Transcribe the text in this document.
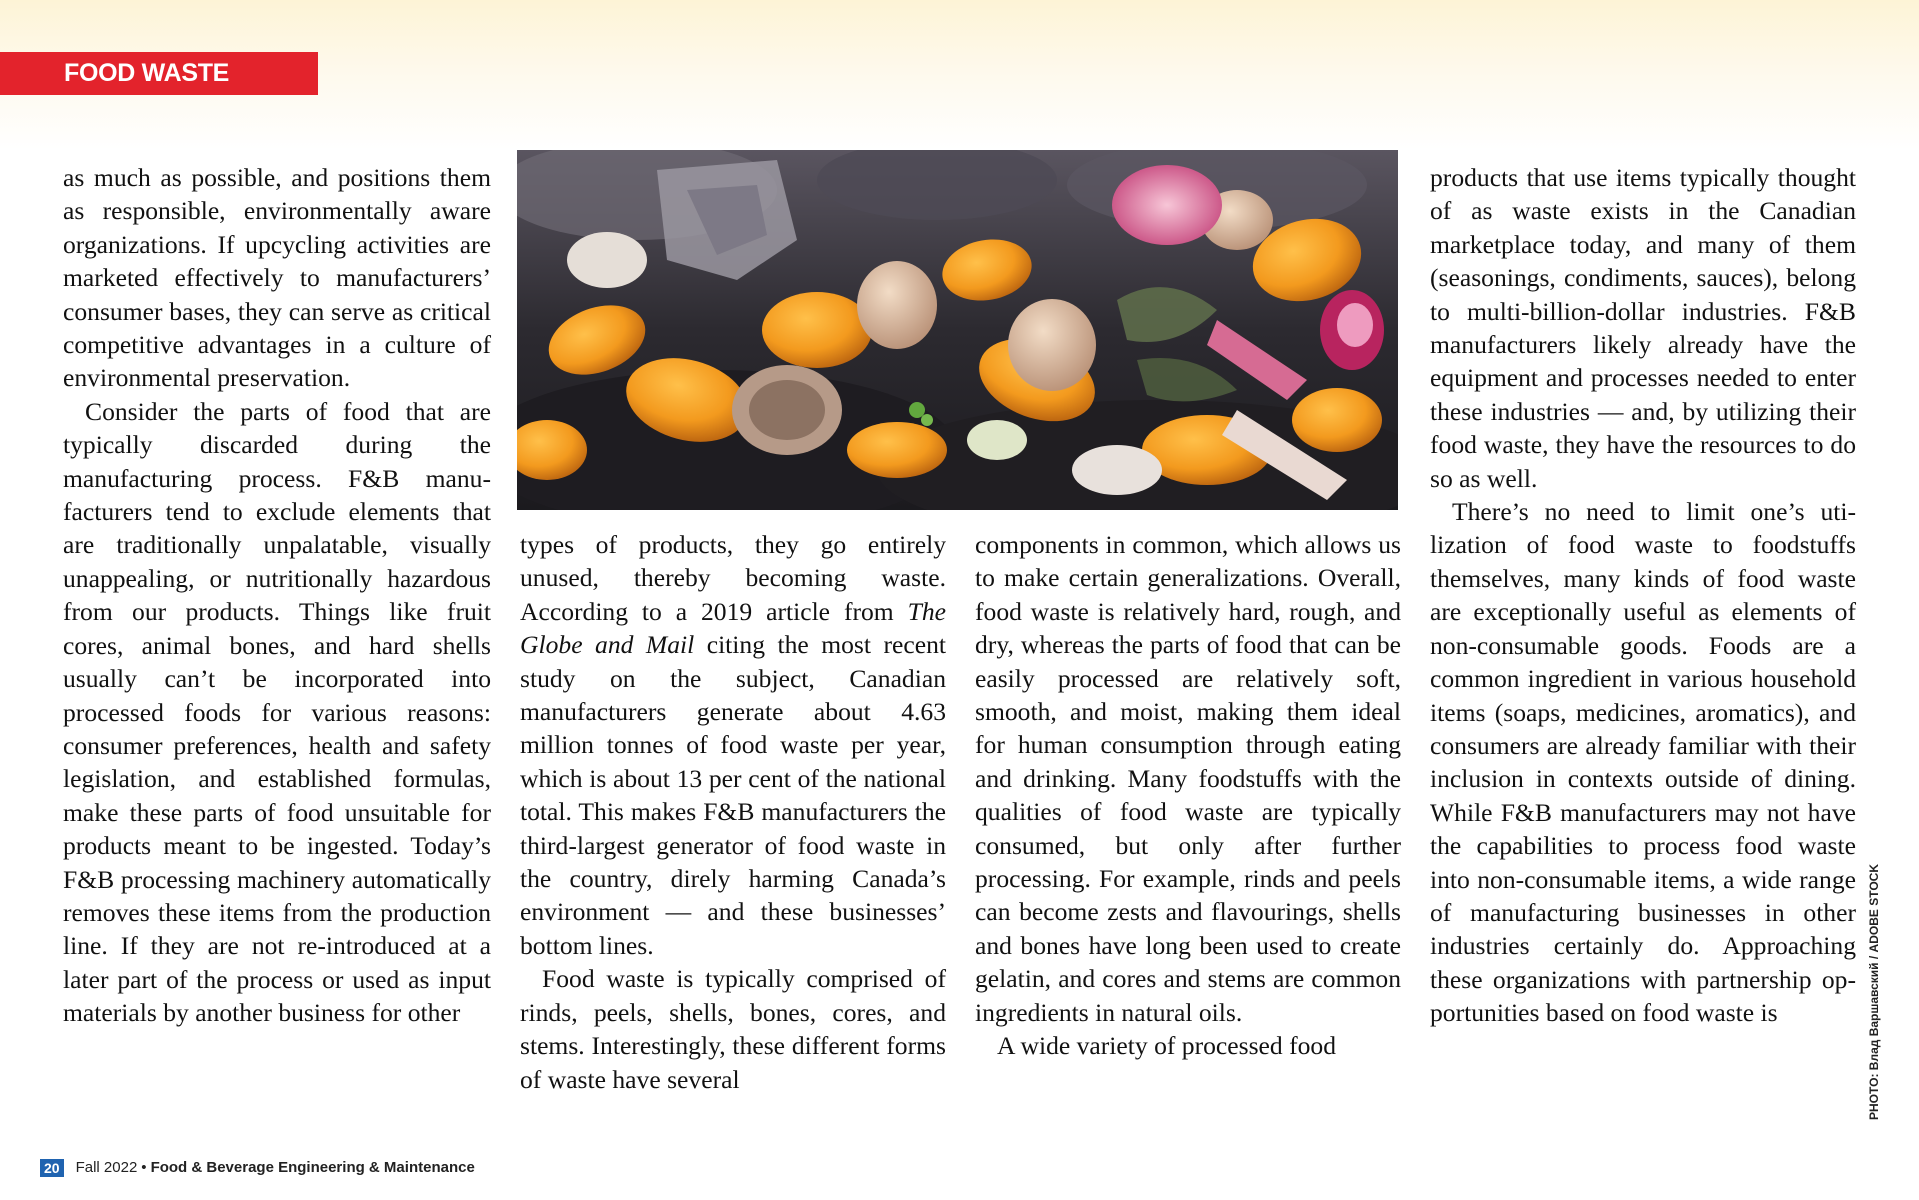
FOOD WASTE

as much as possible, and positions them as responsible, environmentally aware organizations. If upcycling activities are marketed effectively to manufacturers’ consumer bases, they can serve as critical competitive advantages in a culture of environmental preservation.

Consider the parts of food that are typically discarded during the manufacturing process. F&B manufacturers tend to exclude elements that are traditionally unpalatable, visually unappealing, or nutritionally hazardous from our products. Things like fruit cores, animal bones, and hard shells usually can’t be incorporated into processed foods for various reasons: consumer preferences, health and safety legislation, and established formulas, make these parts of food unsuitable for products meant to be ingested. Today’s F&B processing machinery automatically removes these items from the production line. If they are not re-introduced at a later part of the process or used as input materials by another business for other

types of products, they go entirely unused, thereby becoming waste. According to a 2019 article from The Globe and Mail citing the most recent study on the subject, Canadian manufacturers generate about 4.63 million tonnes of food waste per year, which is about 13 per cent of the national total. This makes F&B manufacturers the third-largest generator of food waste in the country, direly harming Canada’s environment — and these businesses’ bottom lines.

Food waste is typically comprised of rinds, peels, shells, bones, cores, and stems. Interestingly, these different forms of waste have several

components in common, which allows us to make certain generalizations. Overall, food waste is relatively hard, rough, and dry, whereas the parts of food that can be easily processed are relatively soft, smooth, and moist, making them ideal for human consumption through eating and drinking. Many foodstuffs with the qualities of food waste are typically consumed, but only after further processing. For example, rinds and peels can become zests and flavourings, shells and bones have long been used to create gelatin, and cores and stems are common ingredients in natural oils.

A wide variety of processed food

products that use items typically thought of as waste exists in the Canadian marketplace today, and many of them (seasonings, condiments, sauces), belong to multi-billion-dollar industries. F&B manufacturers likely already have the equipment and processes needed to enter these industries — and, by utilizing their food waste, they have the resources to do so as well.

There’s no need to limit one’s utilization of food waste to foodstuffs themselves, many kinds of food waste are exceptionally useful as elements of non-consumable goods. Foods are a common ingredient in various household items (soaps, medicines, aromatics), and consumers are already familiar with their inclusion in contexts outside of dining. While F&B manufacturers may not have the capabilities to process food waste into non-consumable items, a wide range of manufacturing businesses in other industries certainly do. Approaching these organizations with partnership opportunities based on food waste is	PHOTO: Влад Варшавский / ADOBE STOCK
20 Fall 2022 • Food & Beverage Engineering & Maintenance
